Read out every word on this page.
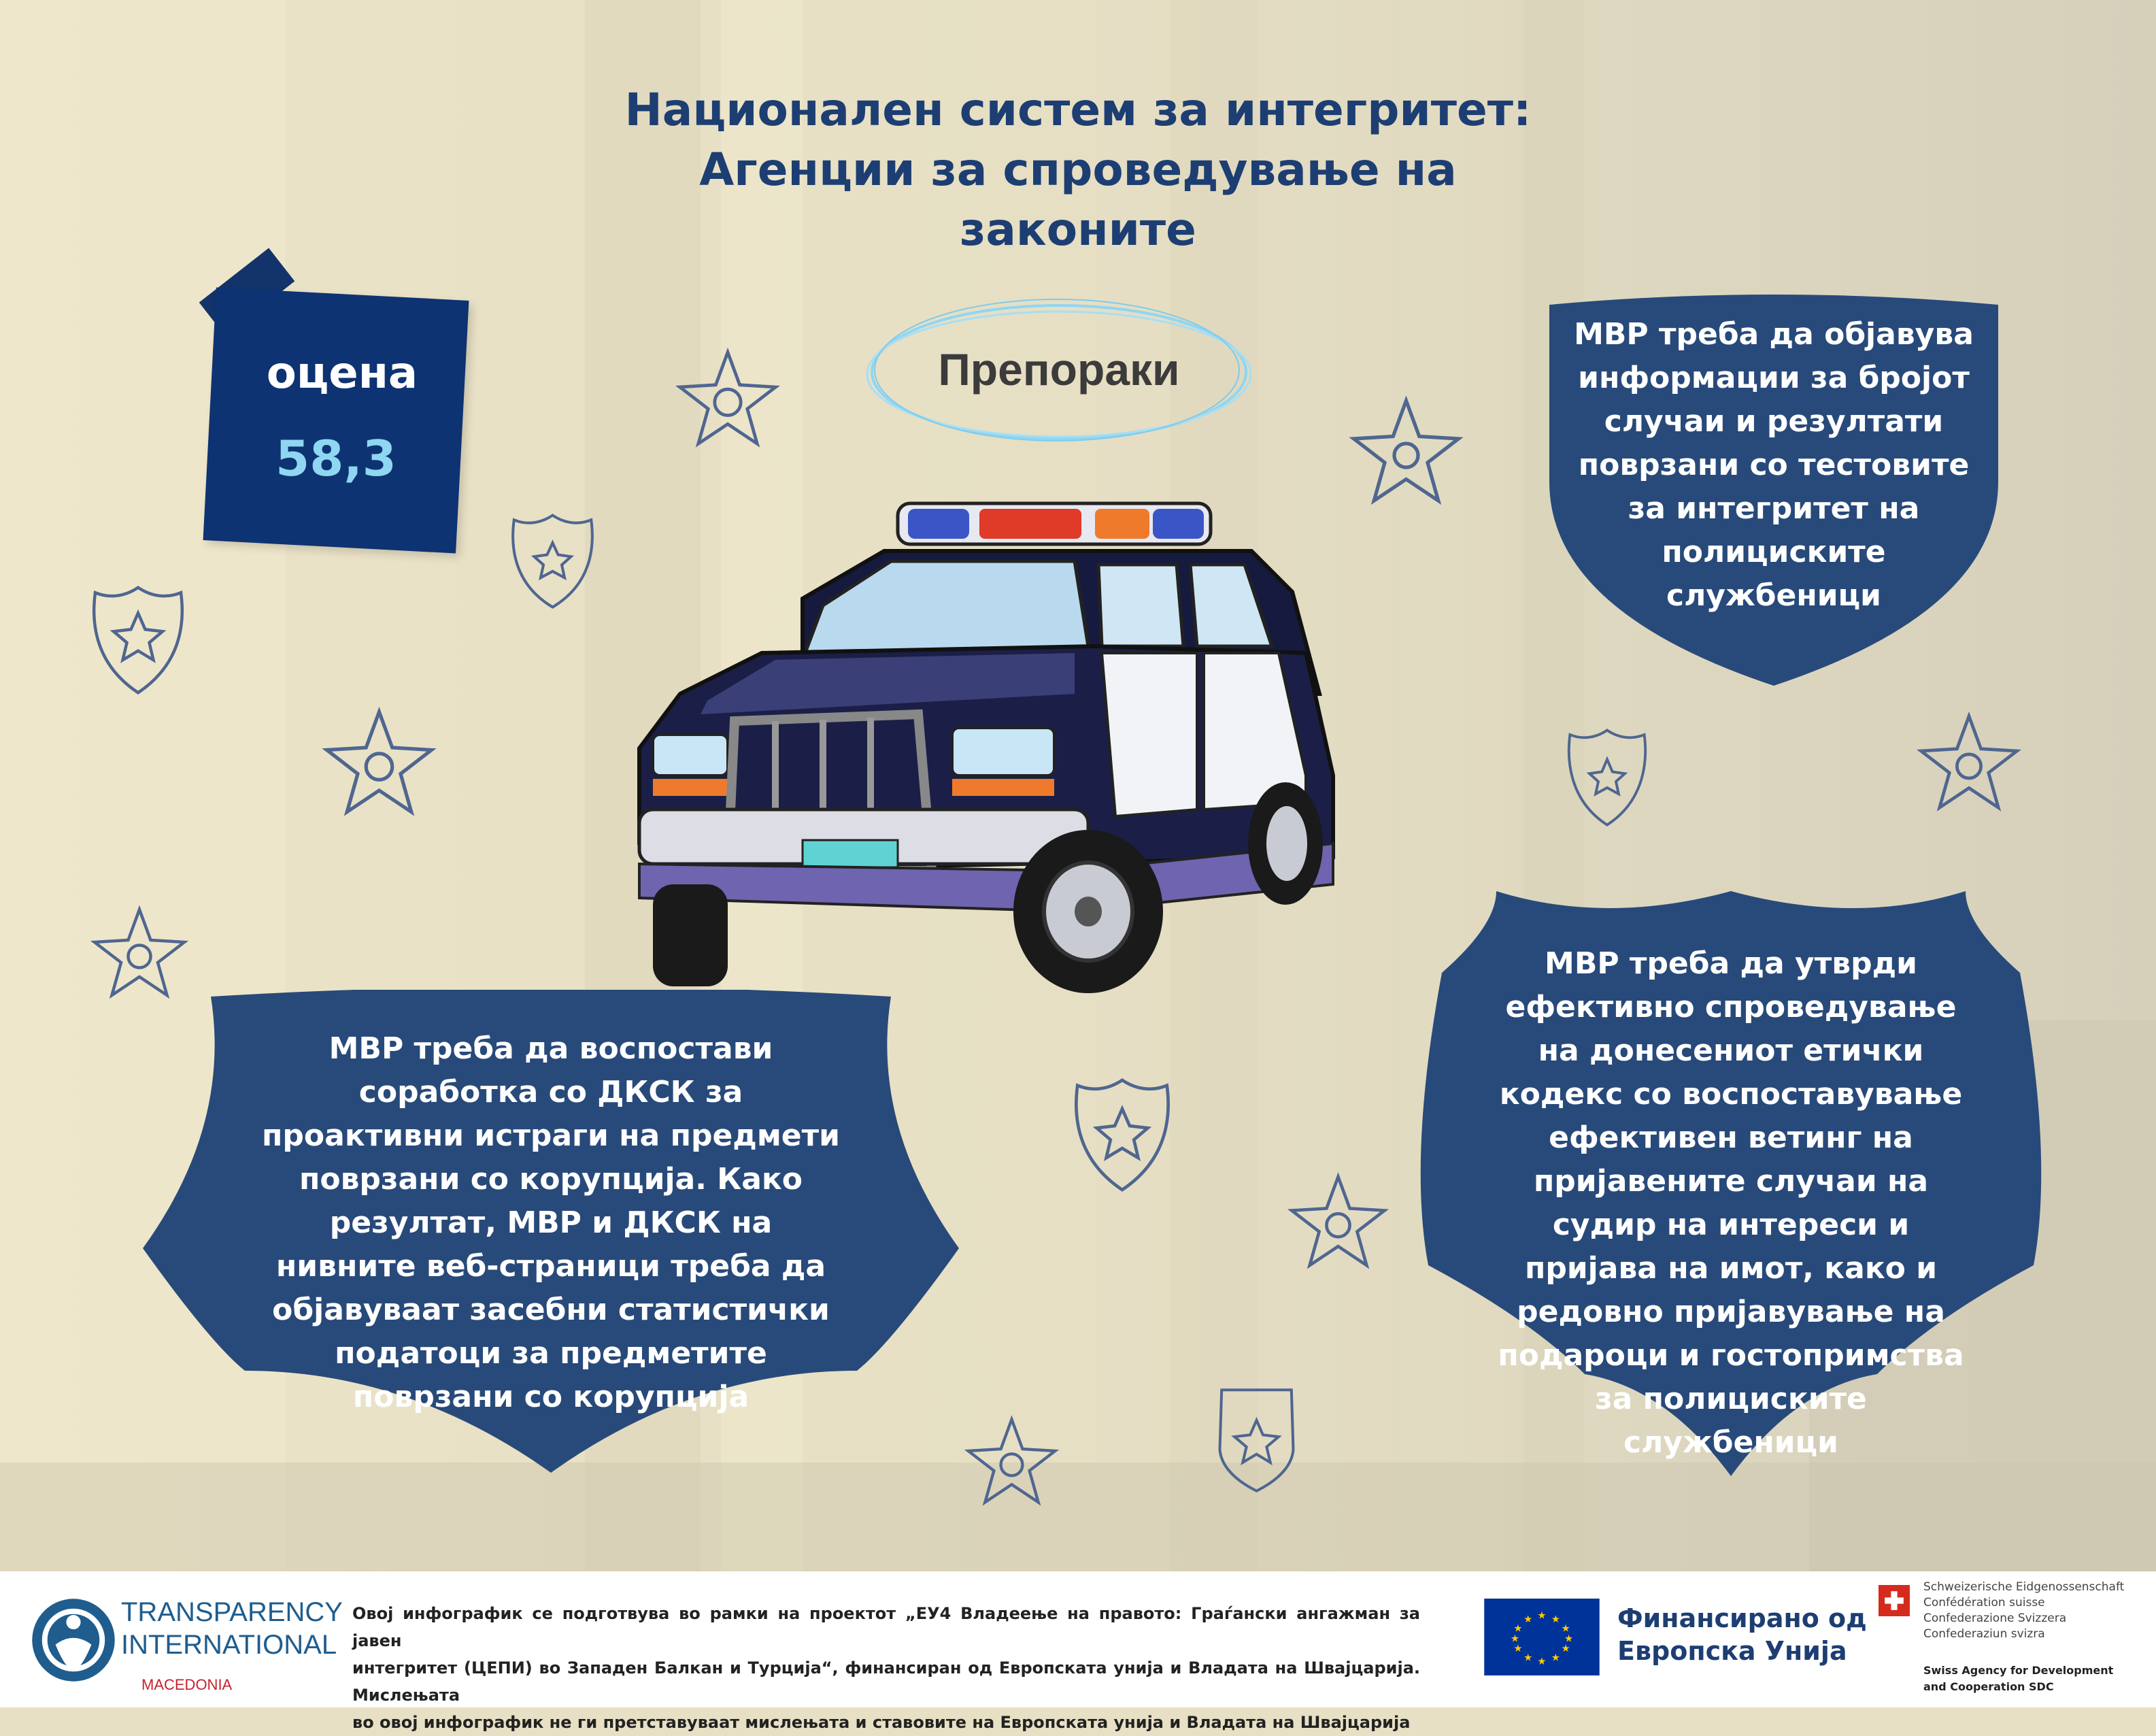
Национален систем за интегритет:
Агенции за спроведување на
законите
оцена
58,3
Препораки
МВР треба да објавува
информации за бројот
случаи и резултати
поврзани со тестовите
за интегритет на
полициските
службеници
МВР треба да воспостави
соработка со ДКСК за
проактивни истраги на предмети
поврзани со корупција. Како
резултат, МВР и ДКСК на
нивните веб-страници треба да
објавуваат засебни статистички
податоци за предметите
поврзани со корупција
МВР треба да утврди
ефективно спроведување
на донесениот етички
кодекс со воспоставување
ефективен ветинг на
пријавените случаи на
судир на интереси и
пријава на имот, како и
редовно пријавување на
подароци и гостопримства
за полициските
службеници
TRANSPARENCY
INTERNATIONAL
MACEDONIA
Овој инфографик се подготвува во рамки на проектот „ЕУ4 Владеење на правото: Граѓански ангажман за јавен
интегритет (ЦЕПИ) во Западен Балкан и Турција“, финансиран од Европската унија и Владата на Швајцарија. Мислењата
во овој инфографик не ги претставуваат мислењата и ставовите на Европската унија и Владата на Швајцарија
★ ★
★
★
★
★
★
★
★
★
★
★	Финансирано од
Европска Унија
Schweizerische Eidgenossenschaft
Confédération suisse
Confederazione Svizzera
Confederaziun svizra
Swiss Agency for Development
and Cooperation SDC
